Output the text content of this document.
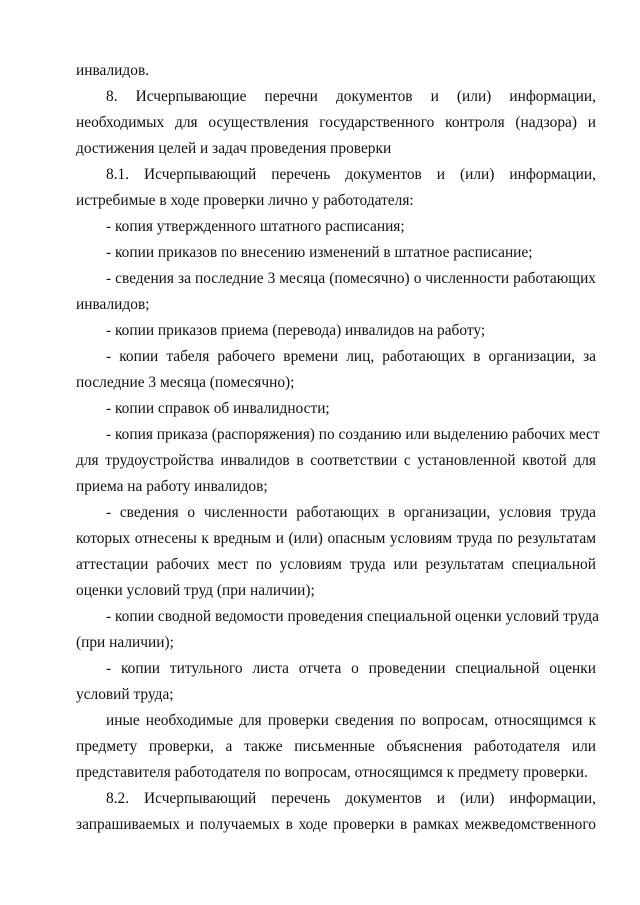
инвалидов.
8. Исчерпывающие перечни документов и (или) информации,
необходимых для осуществления государственного контроля (надзора) и
достижения целей и задач проведения проверки
8.1. Исчерпывающий перечень документов и (или) информации,
истребимые в ходе проверки лично у работодателя:
- копия утвержденного штатного расписания;
- копии приказов по внесению изменений в штатное расписание;
- сведения за последние 3 месяца (помесячно) о численности работающих
инвалидов;
- копии приказов приема (перевода) инвалидов на работу;
- копии табеля рабочего времени лиц, работающих в организации, за
последние 3 месяца (помесячно);
- копии справок об инвалидности;
- копия приказа (распоряжения) по созданию или выделению рабочих мест
для трудоустройства инвалидов в соответствии с установленной квотой для
приема на работу инвалидов;
- сведения о численности работающих в организации, условия труда
которых отнесены к вредным и (или) опасным условиям труда по результатам
аттестации рабочих мест по условиям труда или результатам специальной
оценки условий труд (при наличии);
- копии сводной ведомости проведения специальной оценки условий труда
(при наличии);
- копии титульного листа отчета о проведении специальной оценки
условий труда;
иные необходимые для проверки сведения по вопросам, относящимся к
предмету проверки, а также письменные объяснения работодателя или
представителя работодателя по вопросам, относящимся к предмету проверки.
8.2. Исчерпывающий перечень документов и (или) информации,
запрашиваемых и получаемых в ходе проверки в рамках межведомственного
